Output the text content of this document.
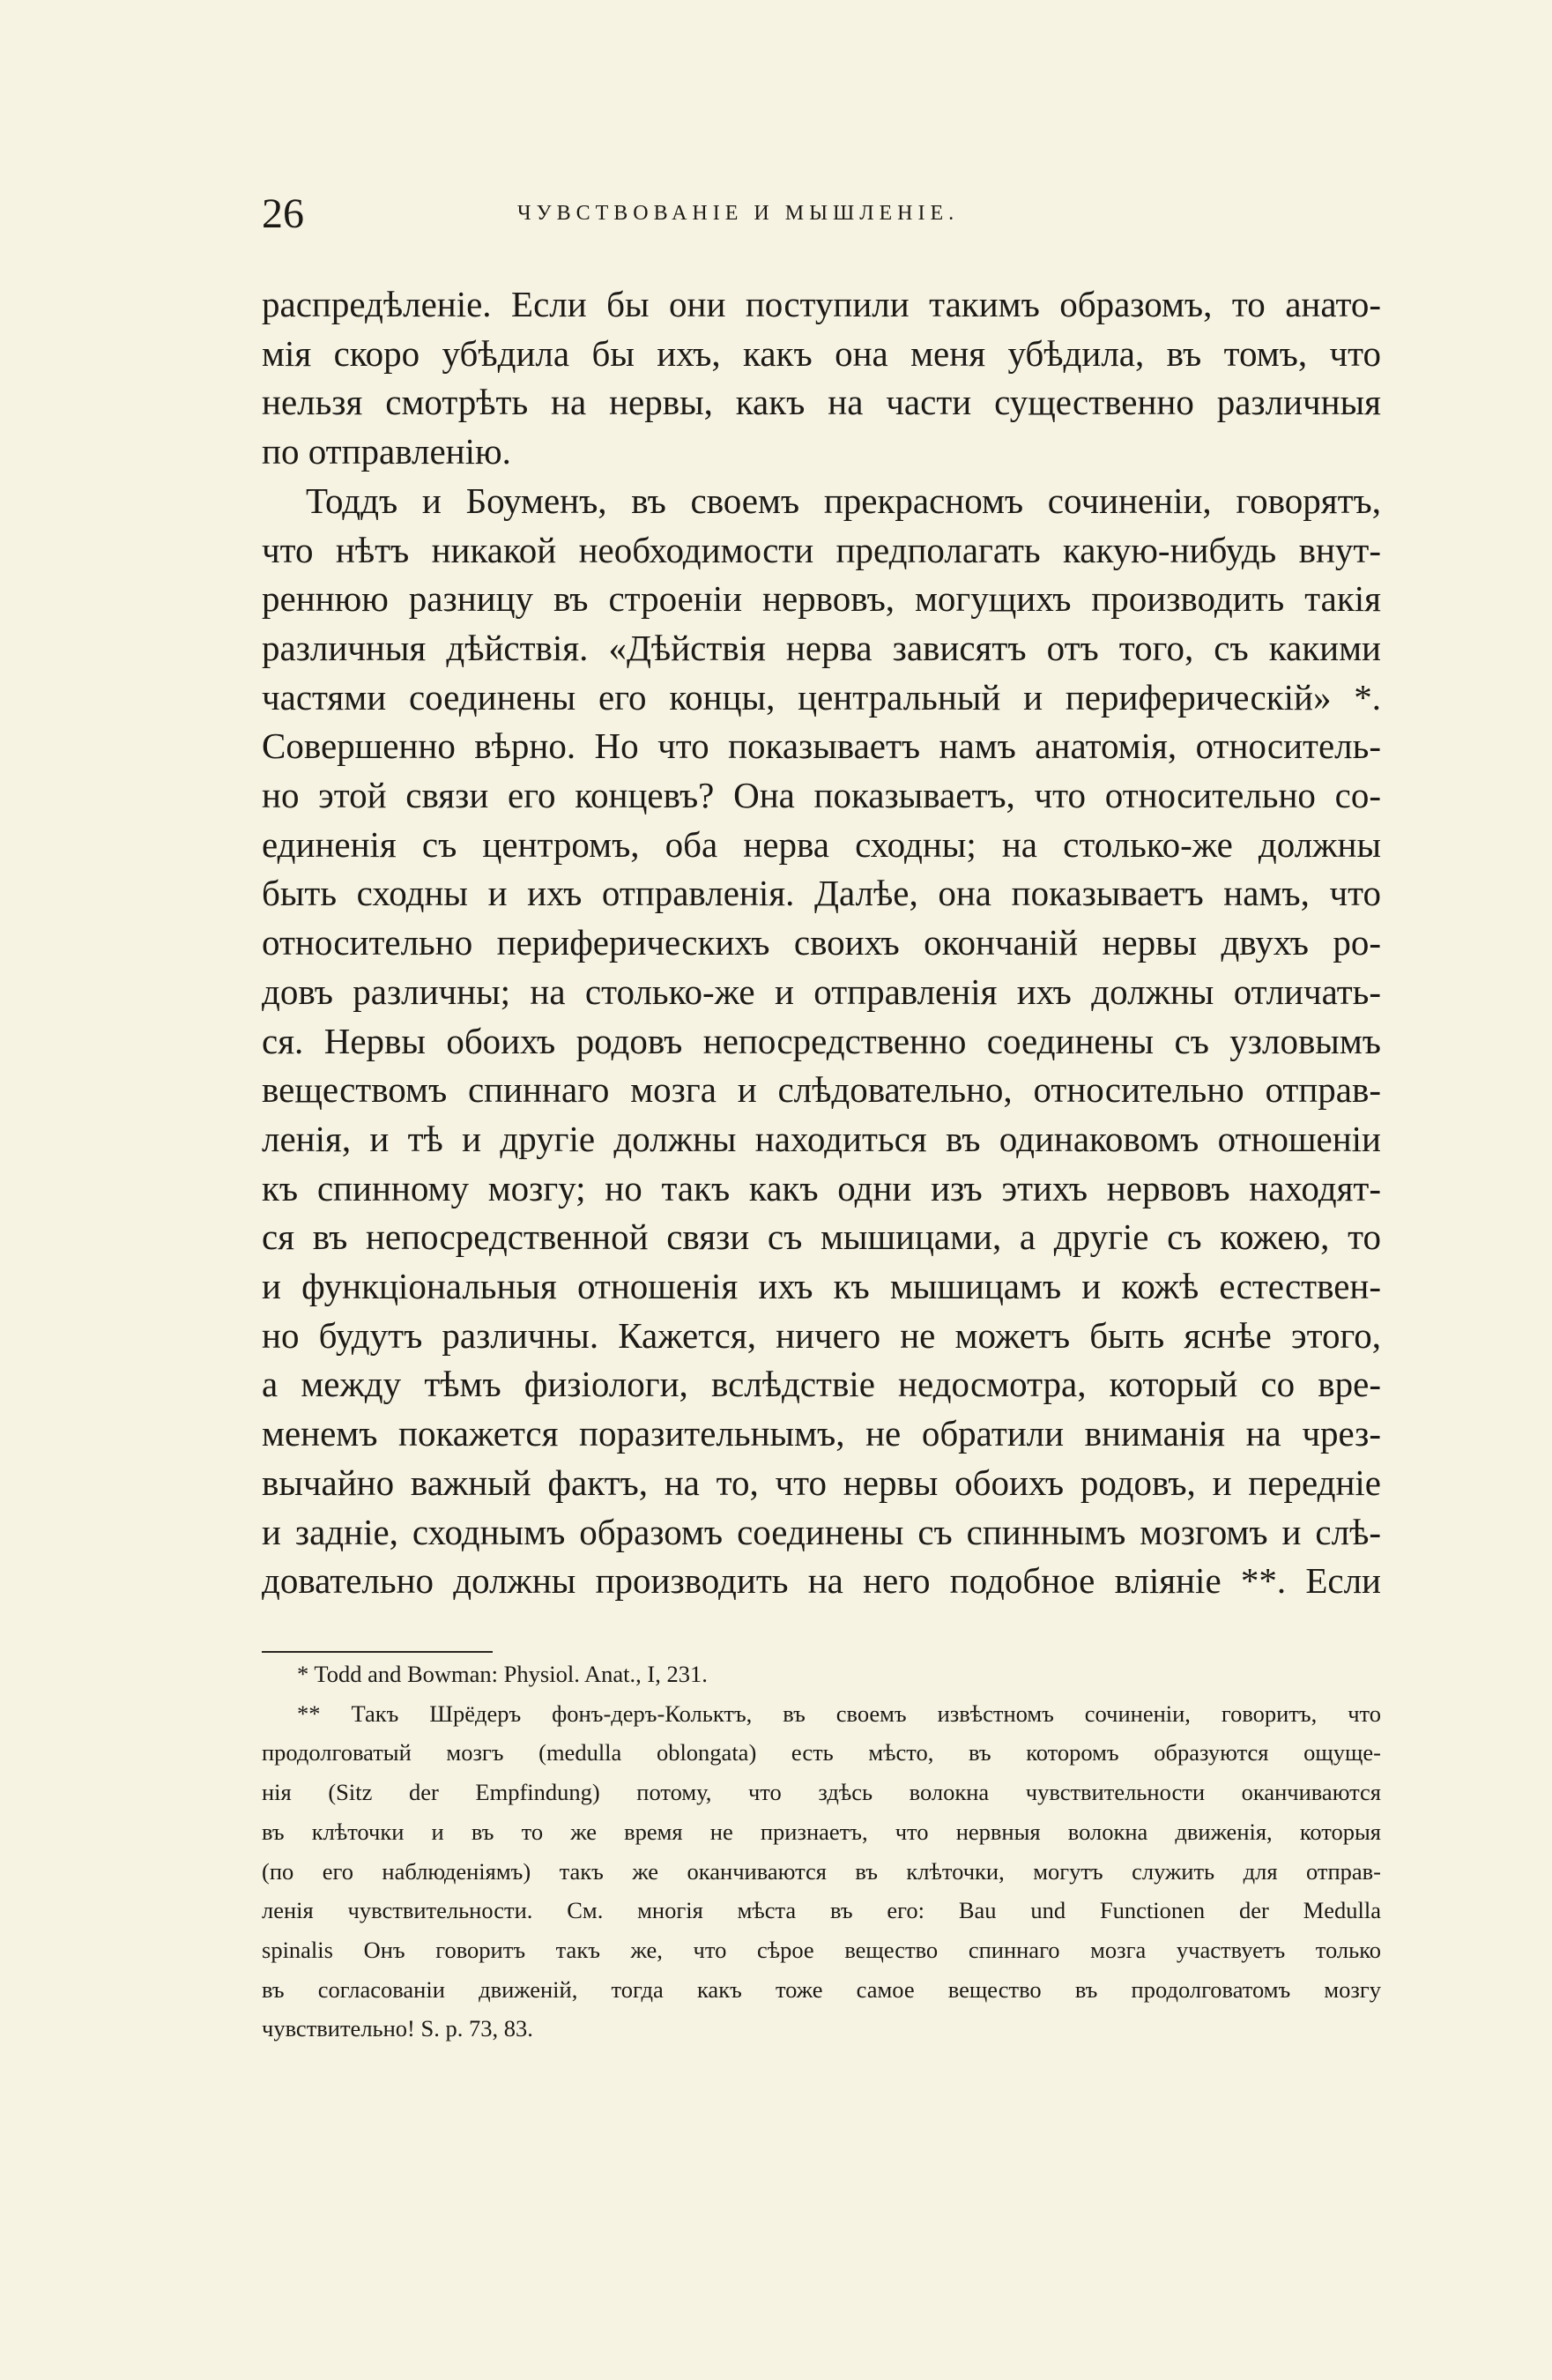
26	ЧУВСТВОВАНІЕ И МЫШЛЕНІЕ.
распредѣленіе. Если бы они поступили такимъ образомъ, то анато-
мія скоро убѣдила бы ихъ, какъ она меня убѣдила, въ томъ, что
нельзя смотрѣть на нервы, какъ на части существенно различныя
по отправленію.
Тоддъ и Боуменъ, въ своемъ прекрасномъ сочиненіи, говорятъ,
что нѣтъ никакой необходимости предполагать какую-нибудь внут-
реннюю разницу въ строеніи нервовъ, могущихъ производить такія
различныя дѣйствія. «Дѣйствія нерва зависятъ отъ того, съ какими
частями соединены его концы, центральный и периферическій» *.
Совершенно вѣрно. Но что показываетъ намъ анатомія, относитель-
но этой связи его концевъ? Она показываетъ, что относительно со-
единенія съ центромъ, оба нерва сходны; на столько-же должны
быть сходны и ихъ отправленія. Далѣе, она показываетъ намъ, что
относительно периферическихъ своихъ окончаній нервы двухъ ро-
довъ различны; на столько-же и отправленія ихъ должны отличать-
ся. Нервы обоихъ родовъ непосредственно соединены съ узловымъ
веществомъ спиннаго мозга и слѣдовательно, относительно отправ-
ленія, и тѣ и другіе должны находиться въ одинаковомъ отношеніи
къ спинному мозгу; но такъ какъ одни изъ этихъ нервовъ находят-
ся въ непосредственной связи съ мышицами, а другіе съ кожею, то
и функціональныя отношенія ихъ къ мышицамъ и кожѣ естествен-
но будутъ различны. Кажется, ничего не можетъ быть яснѣе этого,
а между тѣмъ физіологи, вслѣдствіе недосмотра, который со вре-
менемъ покажется поразительнымъ, не обратили вниманія на чрез-
вычайно важный фактъ, на то, что нервы обоихъ родовъ, и передніе
и задніе, сходнымъ образомъ соединены съ спиннымъ мозгомъ и слѣ-
довательно должны производить на него подобное вліяніе **. Если
* Todd and Bowman: Physiol. Anat., I, 231.
** Такъ Шрёдеръ фонъ-деръ-Кольктъ, въ своемъ извѣстномъ сочиненіи, говоритъ, что
продолговатый мозгъ (medulla oblongata) есть мѣсто, въ которомъ образуются ощуще-
нія (Sitz der Empfindung) потому, что здѣсь волокна чувствительности оканчиваются
въ клѣточки и въ то же время не признаетъ, что нервныя волокна движенія, которыя
(по его наблюденіямъ) такъ же оканчиваются въ клѣточки, могутъ служить для отправ-
ленія чувствительности. См. многія мѣста въ его: Bau und Functionen der Medulla
spinalis Онъ говоритъ такъ же, что сѣрое вещество спиннаго мозга участвуетъ только
въ согласованіи движеній, тогда какъ тоже самое вещество въ продолговатомъ мозгу
чувствительно! S. p. 73, 83.
